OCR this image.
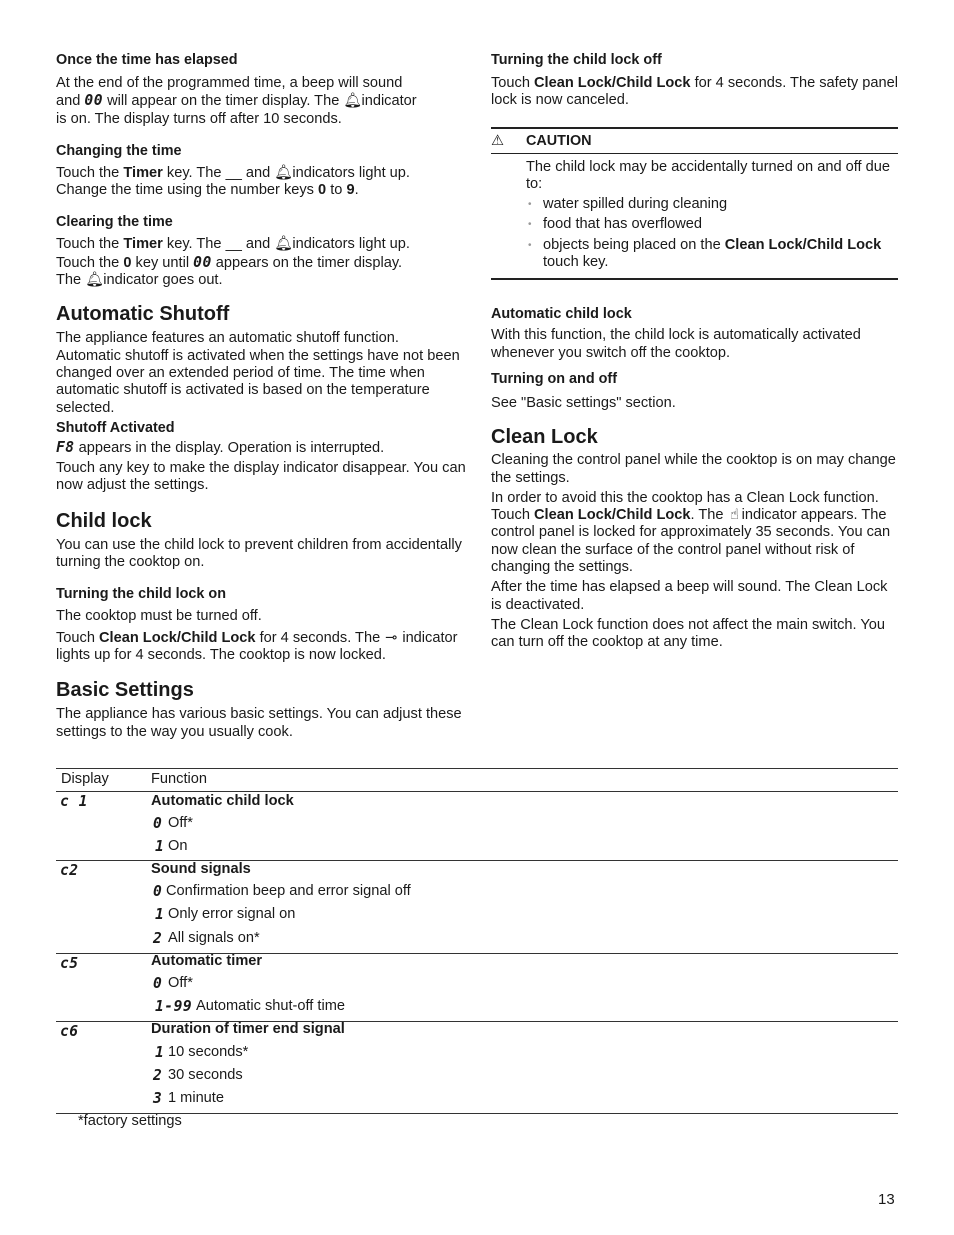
Once the time has elapsed

At the end of the programmed time, a beep will sound
and 00 will appear on the timer display. The 🔔︎ indicator
is on. The display turns off after 10 seconds.

Changing the time

Touch the Timer key. The __ and 🔔︎ indicators light up.
Change the time using the number keys 0 to 9.

Clearing the time

Touch the Timer key. The __ and 🔔︎ indicators light up.
Touch the 0 key until 00 appears on the timer display.
The 🔔︎ indicator goes out.

Automatic Shutoff

The appliance features an automatic shutoff function. Automatic shutoff is activated when the settings have not been changed over an extended period of time. The time when automatic shutoff is activated is based on the temperature selected.

Shutoff Activated

F8 appears in the display. Operation is interrupted.

Touch any key to make the display indicator disappear. You can now adjust the settings.

Child lock

You can use the child lock to prevent children from accidentally turning the cooktop on.

Turning the child lock on

The cooktop must be turned off.

Touch Clean Lock/Child Lock for 4 seconds. The ⊸ indicator lights up for 4 seconds. The cooktop is now locked.

Basic Settings

The appliance has various basic settings. You can adjust these settings to the way you usually cook.

Turning the child lock off

Touch Clean Lock/Child Lock for 4 seconds. The safety panel lock is now canceled.

⚠ CAUTION

The child lock may be accidentally turned on and off due to:

• water spilled during cleaning
• food that has overflowed
• objects being placed on the Clean Lock/Child Lock touch key.
Automatic child lock

With this function, the child lock is automatically activated whenever you switch off the cooktop.

Turning on and off

See "Basic settings" section.

Clean Lock

Cleaning the control panel while the cooktop is on may change the settings.

In order to avoid this the cooktop has a Clean Lock function. Touch Clean Lock/Child Lock. The ☝︎ indicator appears. The control panel is locked for approximately 35 seconds. You can now clean the surface of the control panel without risk of changing the settings.

After the time has elapsed a beep will sound. The Clean Lock is deactivated.

The Clean Lock function does not affect the main switch. You can turn off the cooktop at any time.

Display	Function
c 1	Automatic child lock
0 Off*
1 On
c2	Sound signals
0 Confirmation beep and error signal off
1 Only error signal on
2 All signals on*
c5	Automatic timer
0 Off*
1-99 Automatic shut-off time
c6	Duration of timer end signal
1 10 seconds*
2 30 seconds
3 1 minute
*factory settings
13
